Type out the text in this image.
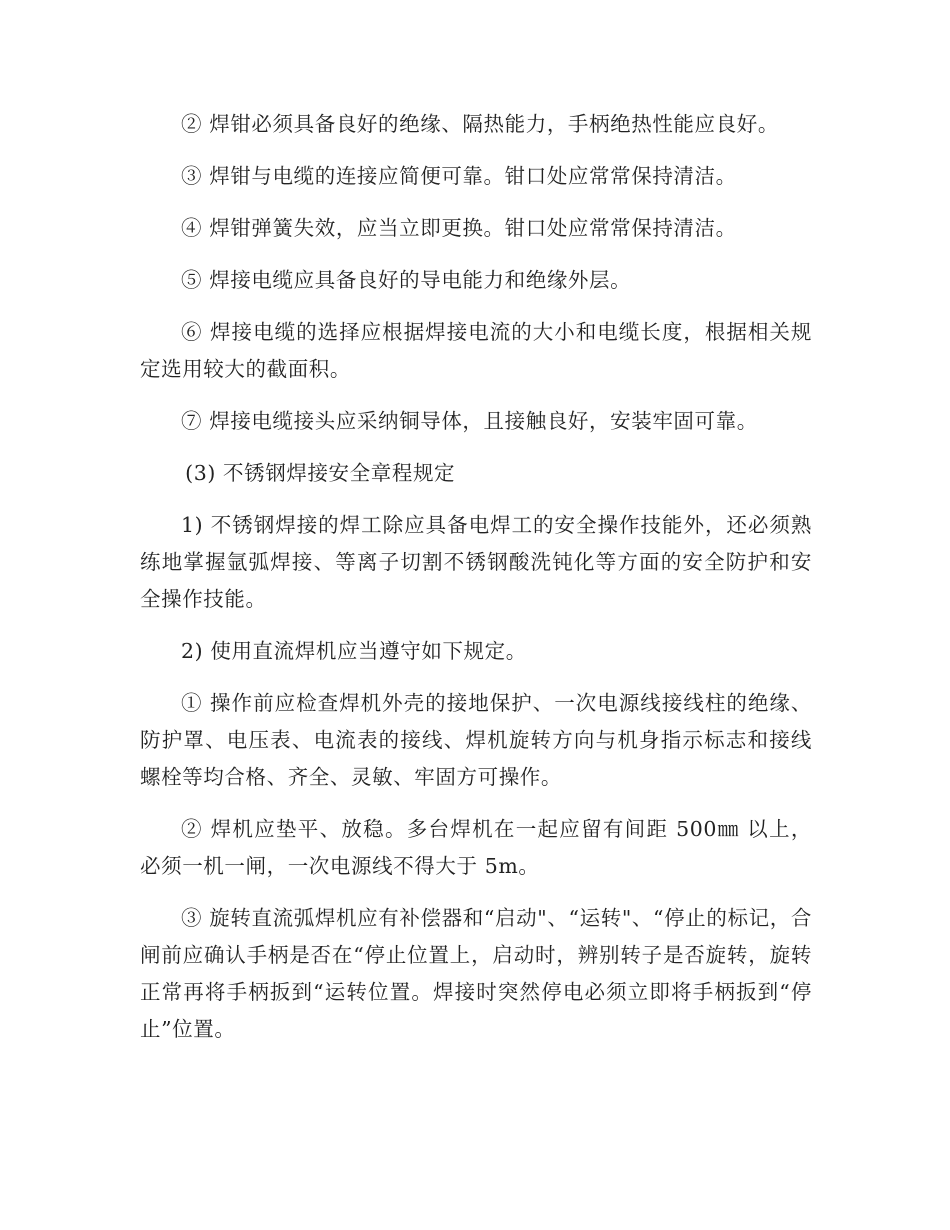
② 焊钳必须具备良好的绝缘、隔热能力，手柄绝热性能应良好。

③ 焊钳与电缆的连接应简便可靠。钳口处应常常保持清洁。

④ 焊钳弹簧失效，应当立即更换。钳口处应常常保持清洁。

⑤ 焊接电缆应具备良好的导电能力和绝缘外层。

⑥ 焊接电缆的选择应根据焊接电流的大小和电缆长度，根据相关规定选用较大的截面积。

⑦ 焊接电缆接头应采纳铜导体，且接触良好，安装牢固可靠。

(3) 不锈钢焊接安全章程规定

1) 不锈钢焊接的焊工除应具备电焊工的安全操作技能外，还必须熟练地掌握氩弧焊接、等离子切割不锈钢酸洗钝化等方面的安全防护和安全操作技能。

2) 使用直流焊机应当遵守如下规定。

① 操作前应检查焊机外壳的接地保护、一次电源线接线柱的绝缘、防护罩、电压表、电流表的接线、焊机旋转方向与机身指示标志和接线螺栓等均合格、齐全、灵敏、牢固方可操作。

② 焊机应垫平、放稳。多台焊机在一起应留有间距 500㎜ 以上，必须一机一闸，一次电源线不得大于 5m。

③ 旋转直流弧焊机应有补偿器和“启动"、“运转"、“停止的标记，合闸前应确认手柄是否在“停止位置上，启动时，辨别转子是否旋转，旋转正常再将手柄扳到“运转位置。焊接时突然停电必须立即将手柄扳到“停止”位置。
